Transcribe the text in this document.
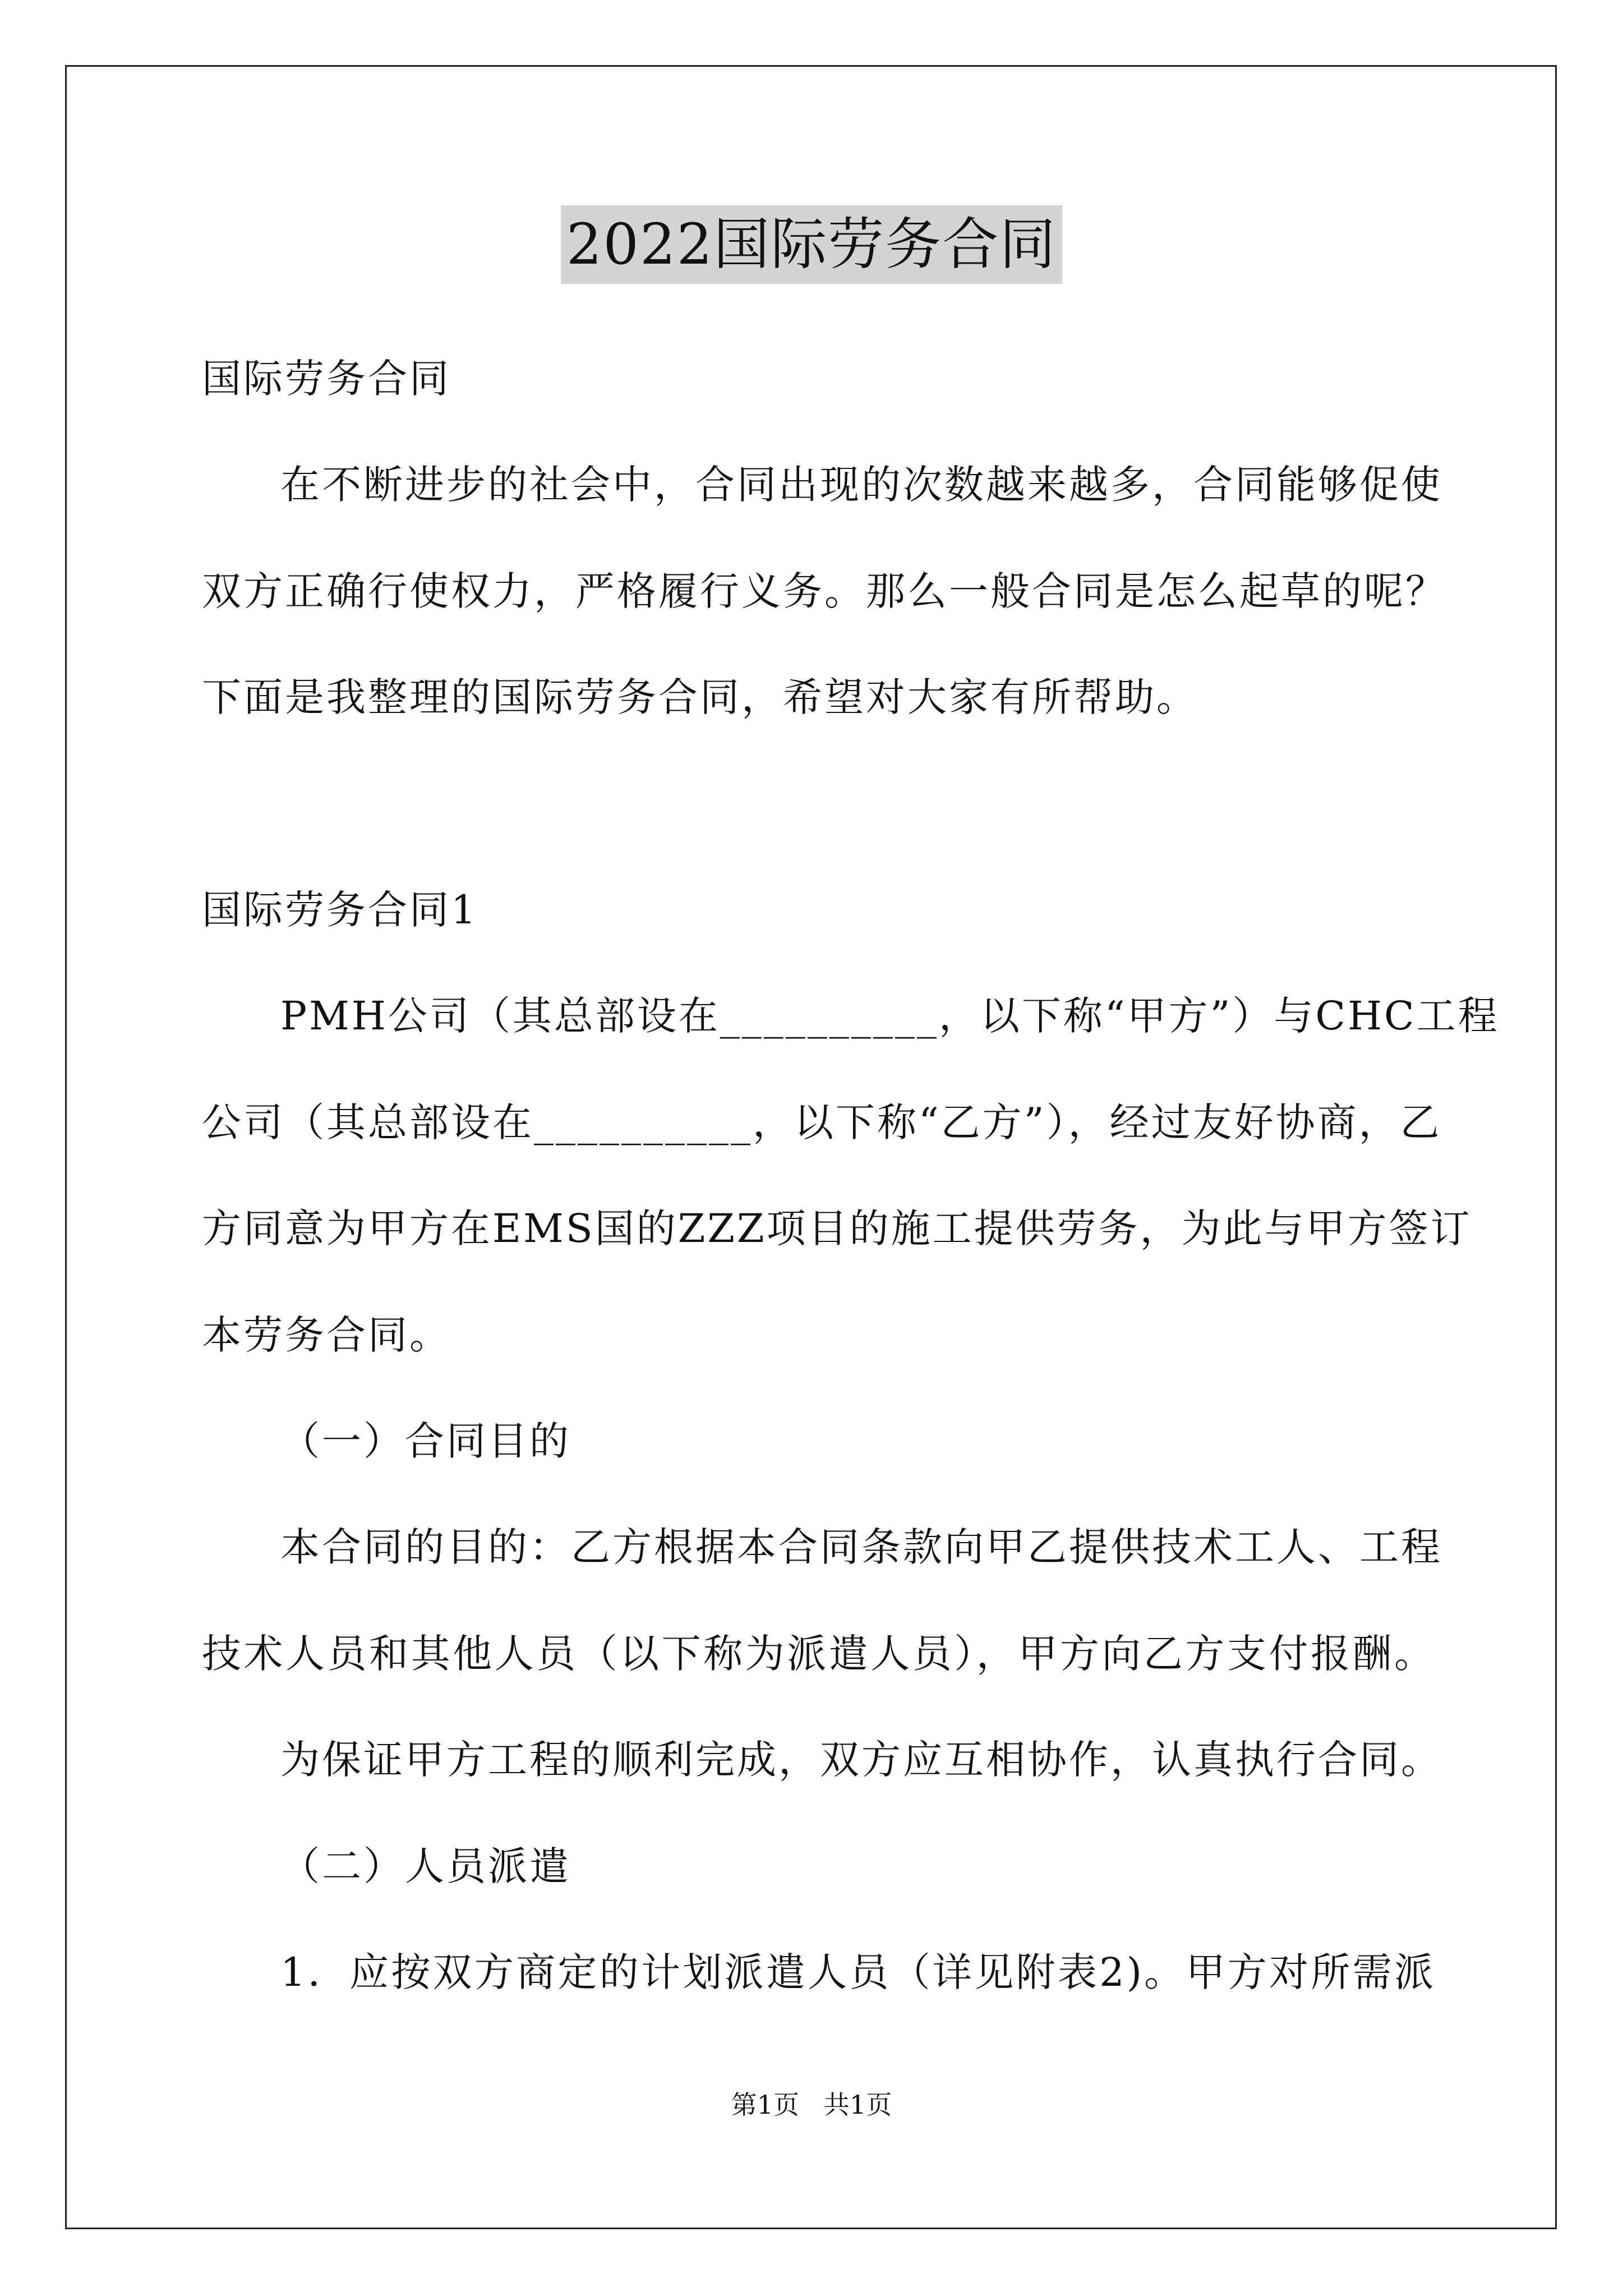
2022国际劳务合同
国际劳务合同
在不断进步的社会中，合同出现的次数越来越多，合同能够促使
双方正确行使权力，严格履行义务。那么一般合同是怎么起草的呢？
下面是我整理的国际劳务合同，希望对大家有所帮助。
国际劳务合同1
PMH公司（其总部设在__________，以下称“甲方”）与CHC工程
公司（其总部设在__________，以下称“乙方”），经过友好协商，乙
方同意为甲方在EMS国的ZZZ项目的施工提供劳务，为此与甲方签订
本劳务合同。
（一）合同目的
本合同的目的：乙方根据本合同条款向甲乙提供技术工人、工程
技术人员和其他人员（以下称为派遣人员），甲方向乙方支付报酬。
为保证甲方工程的顺利完成，双方应互相协作，认真执行合同。
（二）人员派遣
1．应按双方商定的计划派遣人员（详见附表2)。甲方对所需派
第1页   共1页
